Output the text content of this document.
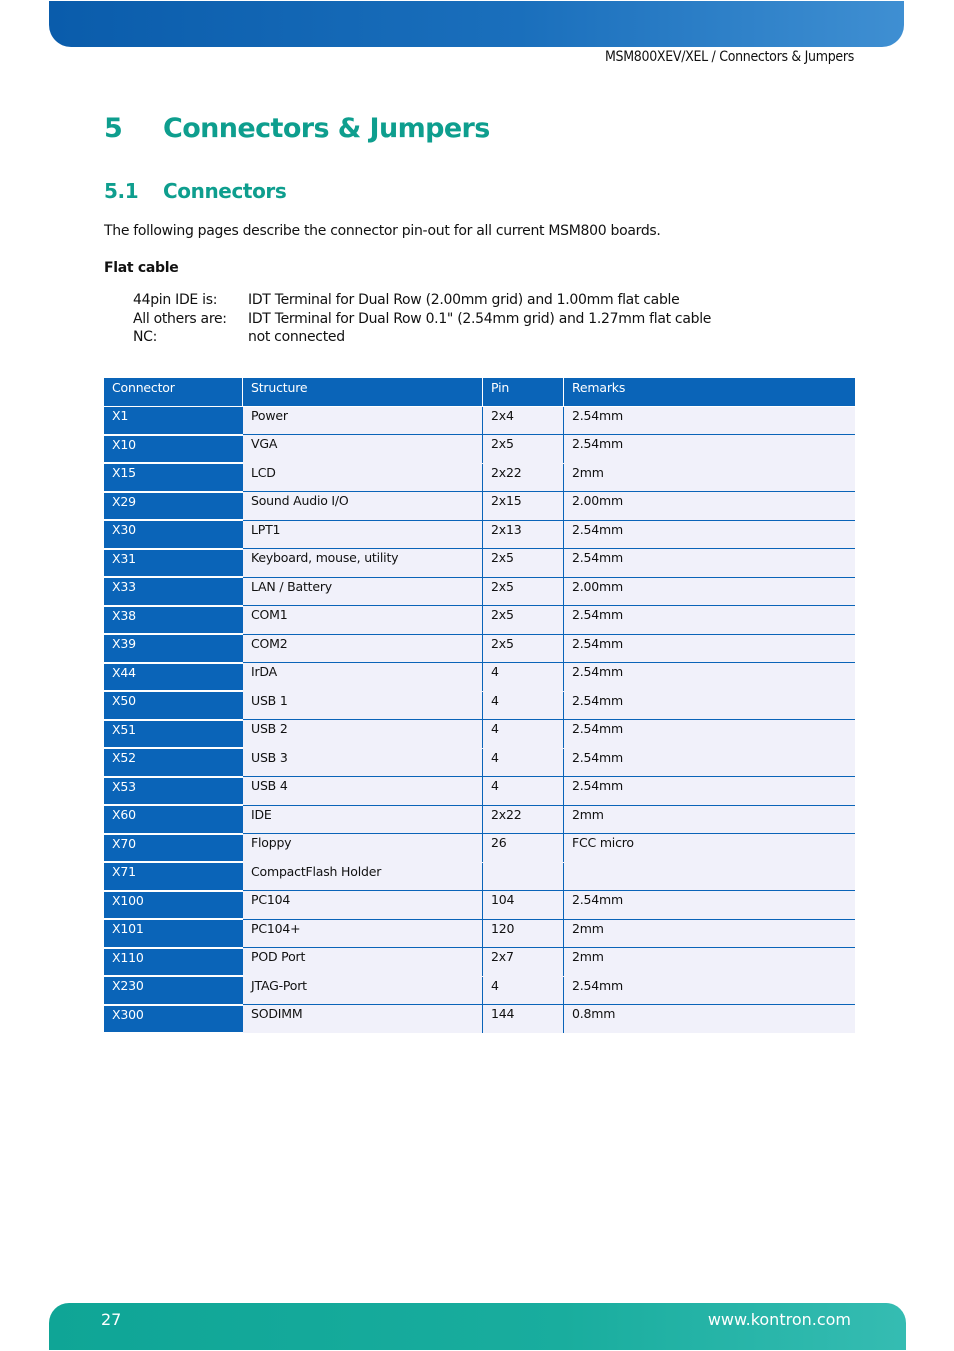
MSM800XEV/XEL / Connectors & Jumpers
5 Connectors & Jumpers
5.1 Connectors
The following pages describe the connector pin-out for all current MSM800 boards.
Flat cable
44pin IDE is:	IDT Terminal for Dual Row (2.00mm grid) and 1.00mm flat cable
All others are:	IDT Terminal for Dual Row 0.1" (2.54mm grid) and 1.27mm flat cable
NC:	not connected
Connector	Structure	Pin	Remarks
X1	Power	2x4	2.54mm
X10	VGA	2x5	2.54mm
X15	LCD	2x22	2mm
X29	Sound Audio I/O	2x15	2.00mm
X30	LPT1	2x13	2.54mm
X31	Keyboard, mouse, utility	2x5	2.54mm
X33	LAN / Battery	2x5	2.00mm
X38	COM1	2x5	2.54mm
X39	COM2	2x5	2.54mm
X44	IrDA	4	2.54mm
X50	USB 1	4	2.54mm
X51	USB 2	4	2.54mm
X52	USB 3	4	2.54mm
X53	USB 4	4	2.54mm
X60	IDE	2x22	2mm
X70	Floppy	26	FCC micro
X71	CompactFlash Holder		
X100	PC104	104	2.54mm
X101	PC104+	120	2mm
X110	POD Port	2x7	2mm
X230	JTAG-Port	4	2.54mm
X300	SODIMM	144	0.8mm
27	www.kontron.com
